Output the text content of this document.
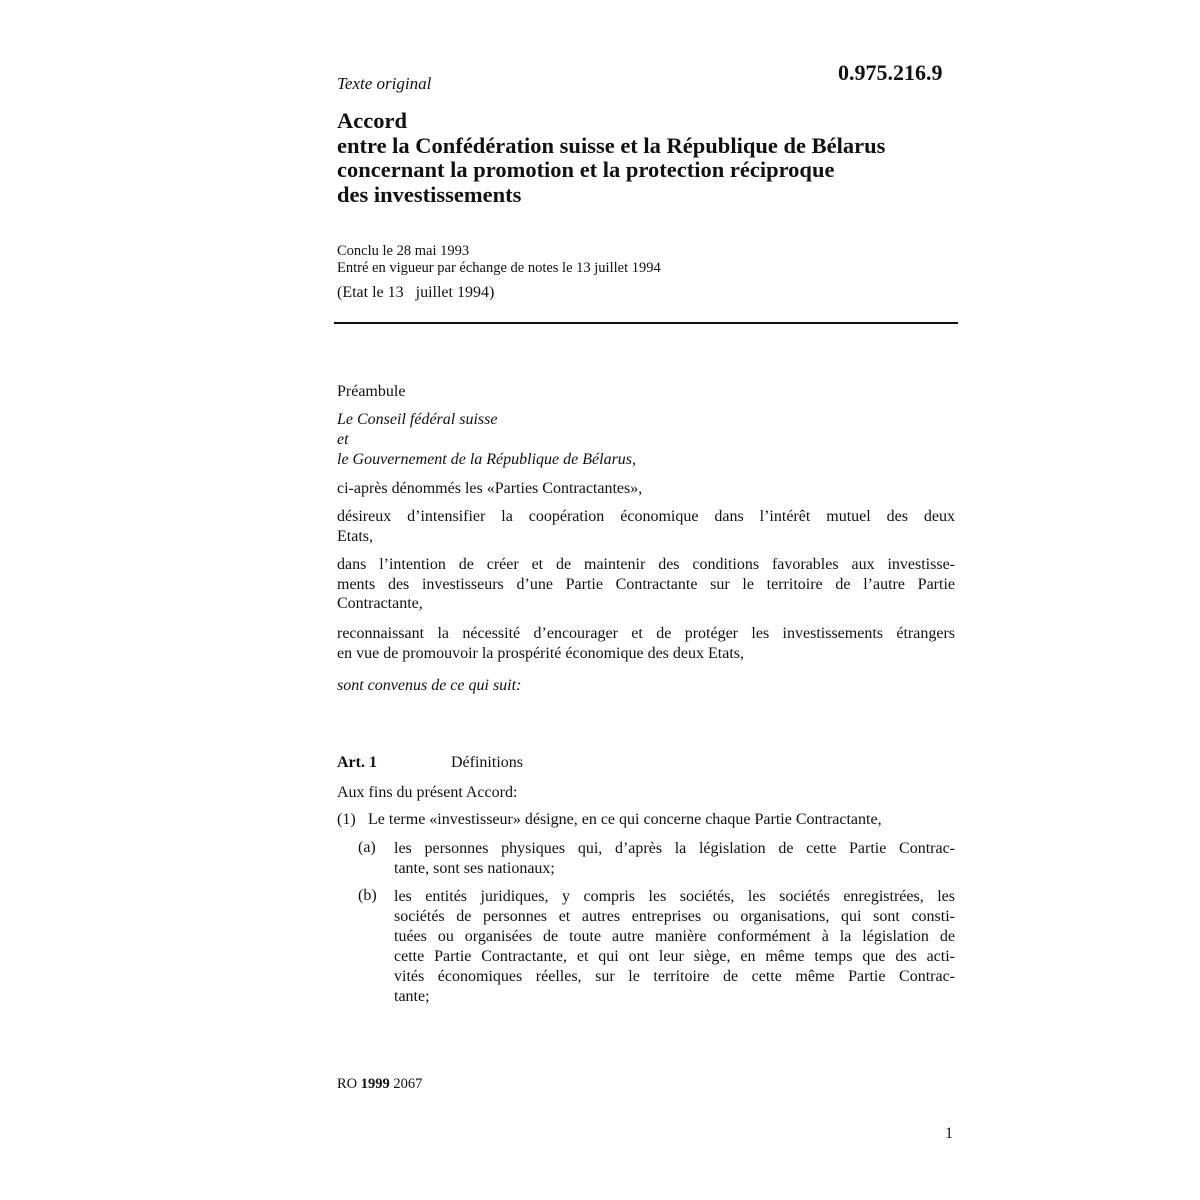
0.975.216.9
Texte original
Accord
entre la Confédération suisse et la République de Bélarus
concernant la promotion et la protection réciproque
des investissements
Conclu le 28 mai 1993
Entré en vigueur par échange de notes le 13 juillet 1994
(Etat le 13   juillet 1994)
Préambule
Le Conseil fédéral suisse
et
le Gouvernement de la République de Bélarus,
ci-après dénommés les «Parties Contractantes»,
désireux d’intensifier la coopération économique dans l’intérêt mutuel des deux
Etats,
dans l’intention de créer et de maintenir des conditions favorables aux investisse-
ments des investisseurs d’une Partie Contractante sur le territoire de l’autre Partie
Contractante,
reconnaissant la nécessité d’encourager et de protéger les investissements étrangers
en vue de promouvoir la prospérité économique des deux Etats,
sont convenus de ce qui suit:
Art. 1	Définitions
Aux fins du présent Accord:
(1) Le terme «investisseur» désigne, en ce qui concerne chaque Partie Contractante,
(a) les personnes physiques qui, d’après la législation de cette Partie Contrac-
tante, sont ses nationaux;
(b) les entités juridiques, y compris les sociétés, les sociétés enregistrées, les
sociétés de personnes et autres entreprises ou organisations, qui sont consti-
tuées ou organisées de toute autre manière conformément à la législation de
cette Partie Contractante, et qui ont leur siège, en même temps que des acti-
vités économiques réelles, sur le territoire de cette même Partie Contrac-
tante;
RO 1999 2067
1
